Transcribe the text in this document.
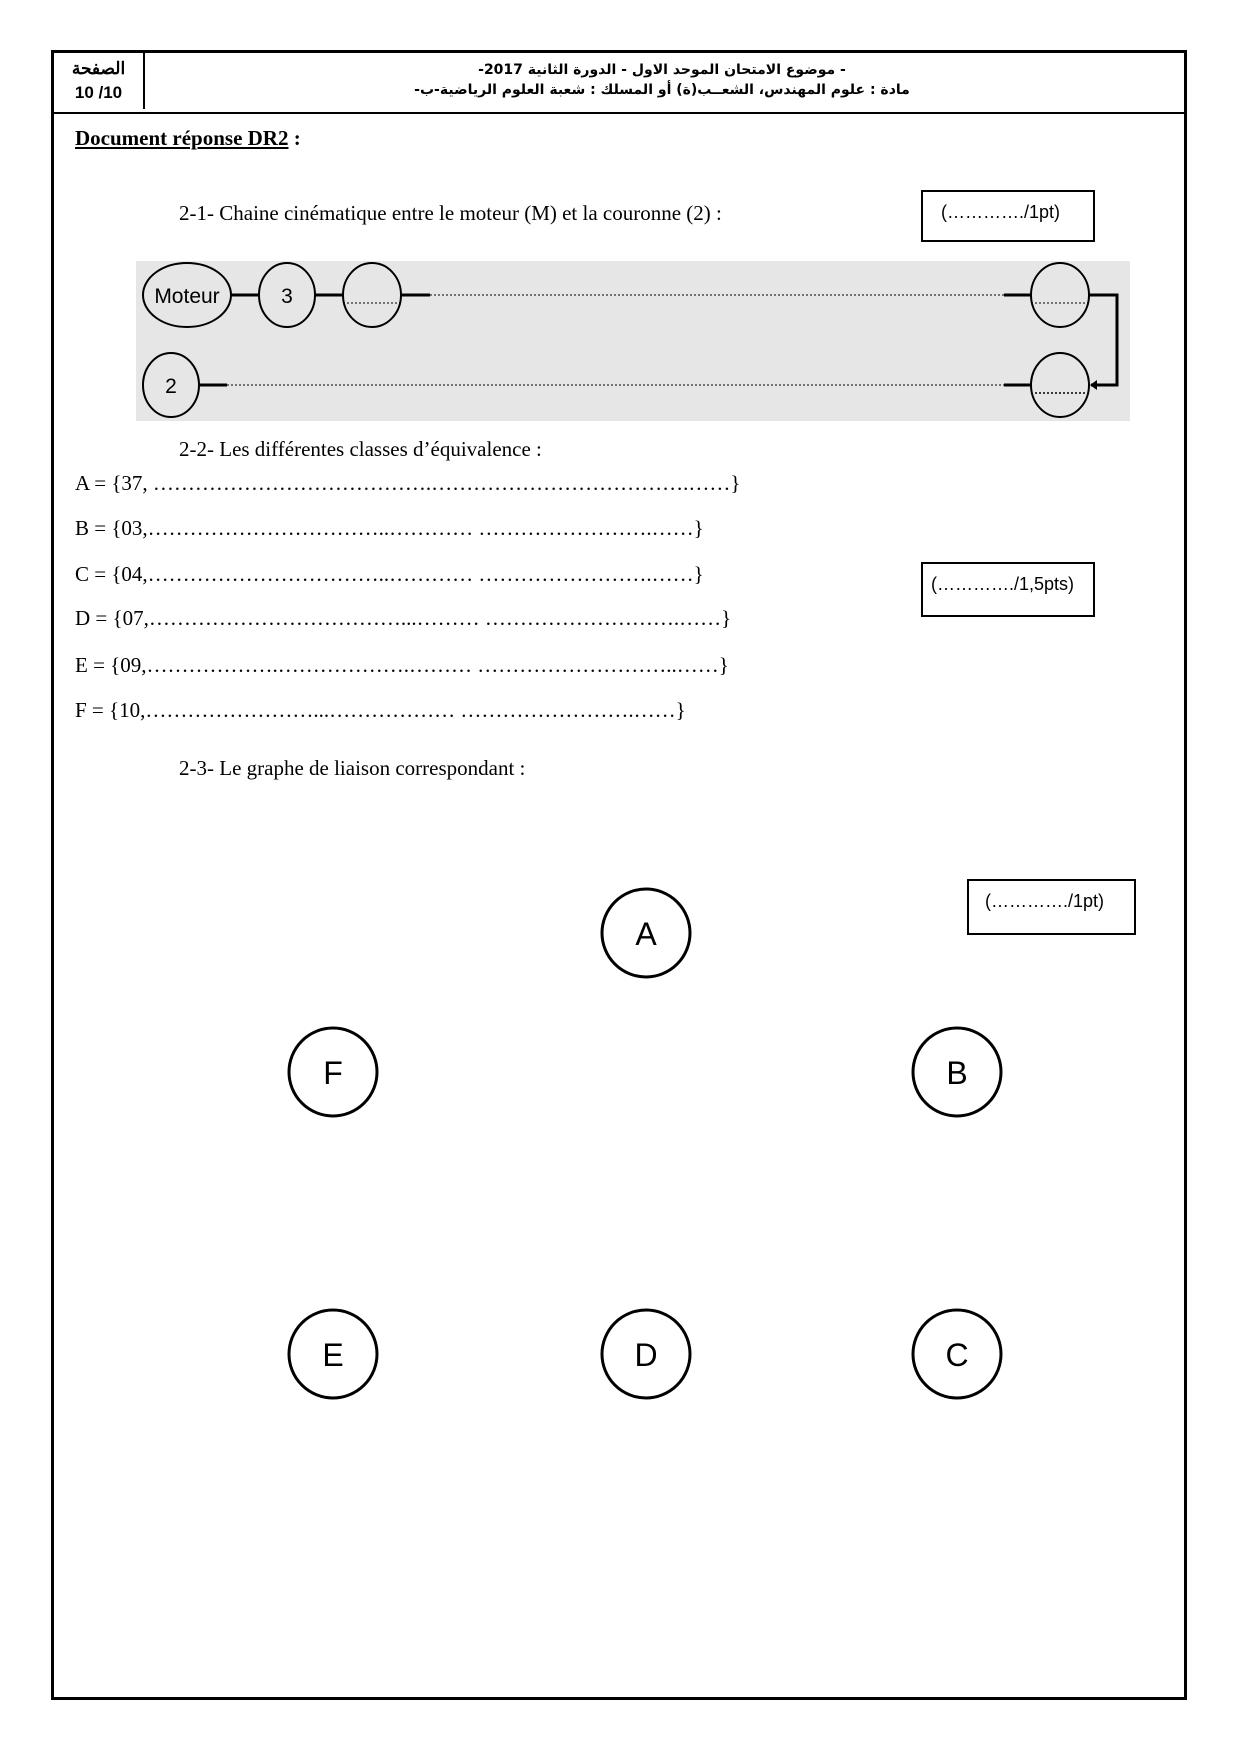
الصفحة
10 /10
- موضوع الامتحان الموحد الاول - الدورة الثانية 2017-
مادة : علوم المهندس، الشعــب(ة) أو المسلك : شعبة العلوم الرياضية-ب-
Document réponse DR2 :
2-1- Chaine cinématique entre le moteur (M) et la couronne (2) :	(…………./1pt)
Moteur	3
2
2-2- Les différentes classes d’équivalence :
A = {37, ………………………………….……………………………….……}
B = {03,……………………………..………… …………………….……}
C = {04,……………………………..………… …………………….……}
D = {07,………………………………...……… ……………………….……}
E = {09,……………….……………….……… ………………………..……}
F = {10,……………………...……………… …………………….……}
(…………./1,5pts)
2-3- Le graphe de liaison correspondant :
(…………./1pt)
A
B
C
D
E
F
